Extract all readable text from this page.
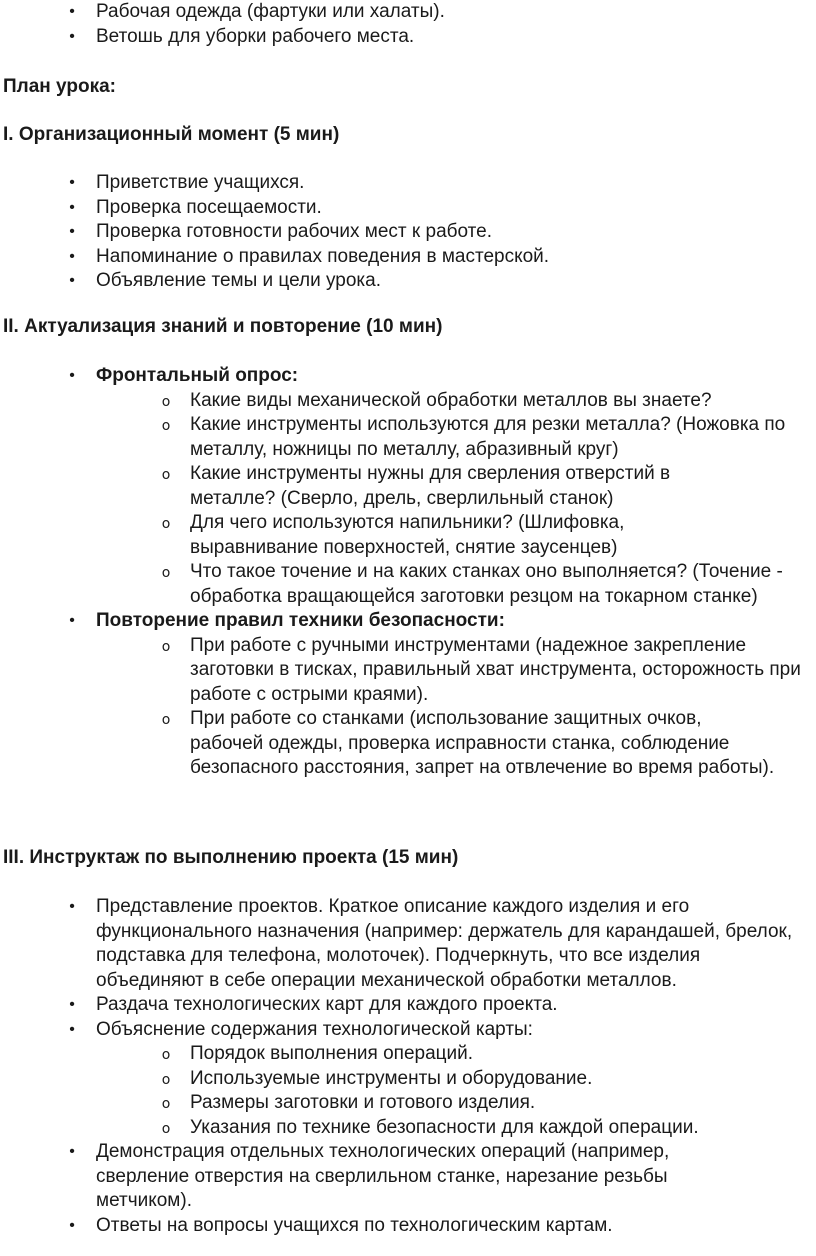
•	Рабочая одежда (фартуки или халаты).
•	Ветошь для уборки рабочего места.
План урока:
I. Организационный момент (5 мин)
•	Приветствие учащихся.
•	Проверка посещаемости.
•	Проверка готовности рабочих мест к работе.
•	Напоминание о правилах поведения в мастерской.
•	Объявление темы и цели урока.
II. Актуализация знаний и повторение (10 мин)
•	Фронтальный опрос:
o Какие виды механической обработки металлов вы знаете?
o Какие инструменты используются для резки металла? (Ножовка по металлу, ножницы по металлу, абразивный круг)
o Какие инструменты нужны для сверления отверстий в металле? (Сверло, дрель, сверлильный станок)
o Для чего используются напильники? (Шлифовка, выравнивание поверхностей, снятие заусенцев)
o Что такое точение и на каких станках оно выполняется? (Точение - обработка вращающейся заготовки резцом на токарном станке)
•	Повторение правил техники безопасности:
o При работе с ручными инструментами (надежное закрепление заготовки в тисках, правильный хват инструмента, осторожность при работе с острыми краями).
o При работе со станками (использование защитных очков, рабочей одежды, проверка исправности станка, соблюдение безопасного расстояния, запрет на отвлечение во время работы).
III. Инструктаж по выполнению проекта (15 мин)
•	Представление проектов. Краткое описание каждого изделия и его функционального назначения (например: держатель для карандашей, брелок, подставка для телефона, молоточек). Подчеркнуть, что все изделия объединяют в себе операции механической обработки металлов.
•	Раздача технологических карт для каждого проекта.
•	Объяснение содержания технологической карты:
o Порядок выполнения операций.
o Используемые инструменты и оборудование.
o Размеры заготовки и готового изделия.
o Указания по технике безопасности для каждой операции.
•	Демонстрация отдельных технологических операций (например, сверление отверстия на сверлильном станке, нарезание резьбы метчиком).
•	Ответы на вопросы учащихся по технологическим картам.
